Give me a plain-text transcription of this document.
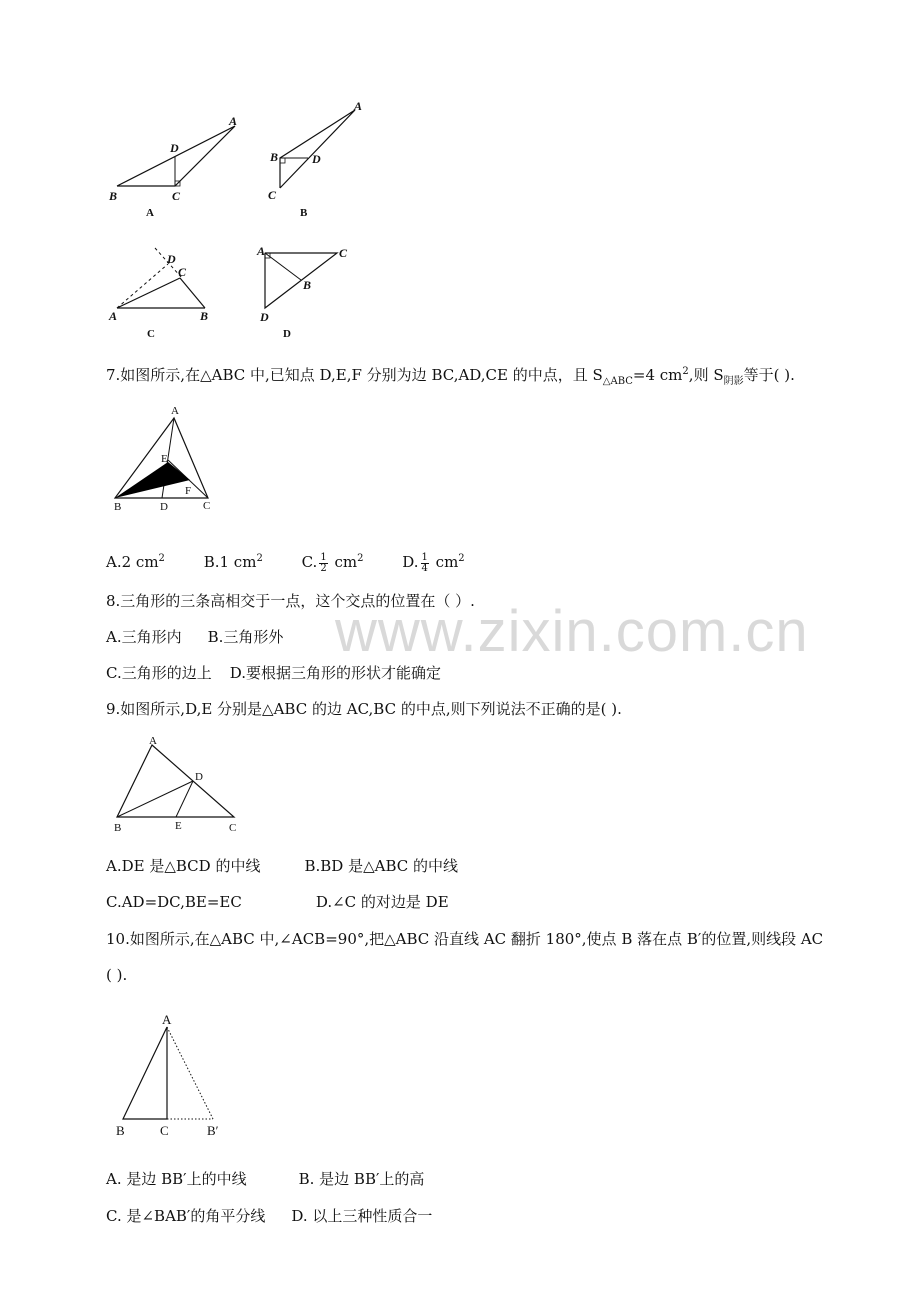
www.zixin.com.cn
A
D
B	C
A
A
B	D
C
B
D
C
A	B
C
A	C
B
D
D
7.如图所示,在△ABC 中,已知点 D,E,F 分别为边 BC,AD,CE 的中点，且 $S_{\triangle ABC}=4$ $cm^2$,则 $S_{阴影}$等于( ).
A
E
F
B	D	C
A.2 $cm^2$	B.1 $cm^2$	C. $\frac{1}{2} cm^2$	D. $\frac{1}{4} cm^2$
8.三角形的三条高相交于一点，这个交点的位置在（ ）.
A.三角形内 B.三角形外
C.三角形的边上 D.要根据三角形的形状才能确定
9.如图所示,D,E 分别是△ABC 的边 AC,BC 的中点,则下列说法不正确的是( ).
A
D
B	E	C
A.DE 是△BCD 的中线	B.BD 是△ABC 的中线
C.AD=DC,BE=EC	D.∠C 的对边是 DE
10.如图所示,在△ABC 中,∠ACB=90°,把△ABC 沿直线 AC 翻折 180°,使点 B 落在点 B′的位置,则线段 AC
( ).
A
B	C	B′
A. 是边 BB′上的中线	B. 是边 BB′上的高
C. 是∠BAB′的角平分线 D. 以上三种性质合一
